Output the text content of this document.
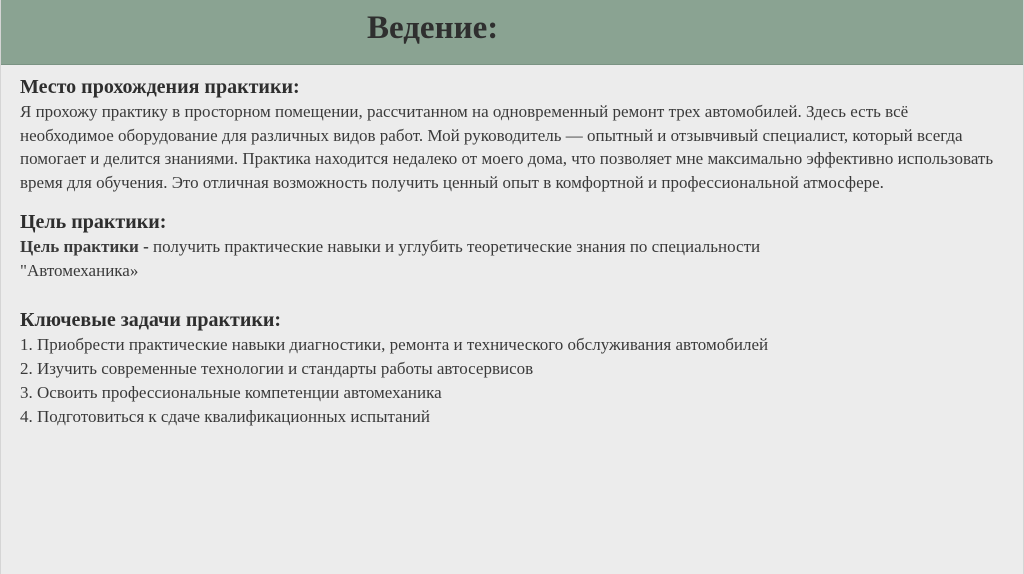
Ведение:
Место прохождения практики:

Я прохожу практику в просторном помещении, рассчитанном на одновременный ремонт трех автомобилей. Здесь есть всё необходимое оборудование для различных видов работ. Мой руководитель — опытный и отзывчивый специалист, который всегда помогает и делится знаниями. Практика находится недалеко от моего дома, что позволяет мне максимально эффективно использовать время для обучения. Это отличная возможность получить ценный опыт в комфортной и профессиональной атмосфере.

Цель практики:

Цель практики - получить практические навыки и углубить теоретические знания по специальности "Автомеханика»

Ключевые задачи практики:

1. Приобрести практические навыки диагностики, ремонта и технического обслуживания автомобилей

2. Изучить современные технологии и стандарты работы автосервисов

3. Освоить профессиональные компетенции автомеханика

4. Подготовиться к сдаче квалификационных испытаний
